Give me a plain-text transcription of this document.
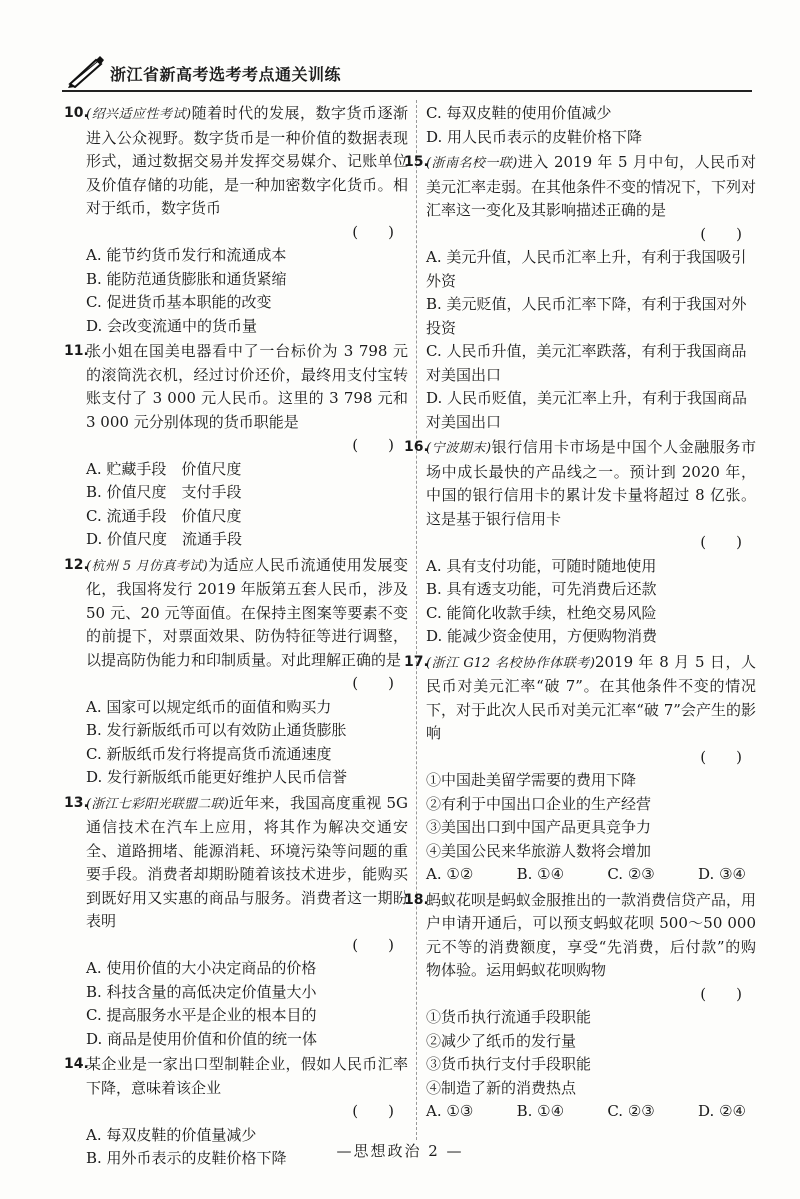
浙江省新高考选考考点通关训练
10.
(绍兴适应性考试)随着时代的发展，数字货币逐渐进入公众视野。数字货币是一种价值的数据表现形式，通过数据交易并发挥交易媒介、记账单位及价值存储的功能，是一种加密数字化货币。相对于纸币，数字货币
(　　)
A. 能节约货币发行和流通成本
B. 能防范通货膨胀和通货紧缩
C. 促进货币基本职能的改变
D. 会改变流通中的货币量
11.
张小姐在国美电器看中了一台标价为 3 798 元的滚筒洗衣机，经过讨价还价，最终用支付宝转账支付了 3 000 元人民币。这里的 3 798 元和 3 000 元分别体现的货币职能是
(　　)
A. 贮藏手段　价值尺度
B. 价值尺度　支付手段
C. 流通手段　价值尺度
D. 价值尺度　流通手段
12.
(杭州 5 月仿真考试)为适应人民币流通使用发展变化，我国将发行 2019 年版第五套人民币，涉及 50 元、20 元等面值。在保持主图案等要素不变的前提下，对票面效果、防伪特征等进行调整，以提高防伪能力和印制质量。对此理解正确的是
(　　)
A. 国家可以规定纸币的面值和购买力
B. 发行新版纸币可以有效防止通货膨胀
C. 新版纸币发行将提高货币流通速度
D. 发行新版纸币能更好维护人民币信誉
13.
(浙江七彩阳光联盟二联)近年来，我国高度重视 5G 通信技术在汽车上应用，将其作为解决交通安全、道路拥堵、能源消耗、环境污染等问题的重要手段。消费者却期盼随着该技术进步，能购买到既好用又实惠的商品与服务。消费者这一期盼表明
(　　)
A. 使用价值的大小决定商品的价格
B. 科技含量的高低决定价值量大小
C. 提高服务水平是企业的根本目的
D. 商品是使用价值和价值的统一体
14.
某企业是一家出口型制鞋企业，假如人民币汇率下降，意味着该企业
(　　)
A. 每双皮鞋的价值量减少
B. 用外币表示的皮鞋价格下降
C. 每双皮鞋的使用价值减少
D. 用人民币表示的皮鞋价格下降
15.
(浙南名校一联)进入 2019 年 5 月中旬，人民币对美元汇率走弱。在其他条件不变的情况下，下列对汇率这一变化及其影响描述正确的是
(　　)
A. 美元升值，人民币汇率上升，有利于我国吸引外资
B. 美元贬值，人民币汇率下降，有利于我国对外投资
C. 人民币升值，美元汇率跌落，有利于我国商品对美国出口
D. 人民币贬值，美元汇率上升，有利于我国商品对美国出口
16.
(宁波期末)银行信用卡市场是中国个人金融服务市场中成长最快的产品线之一。预计到 2020 年，中国的银行信用卡的累计发卡量将超过 8 亿张。这是基于银行信用卡
(　　)
A. 具有支付功能，可随时随地使用
B. 具有透支功能，可先消费后还款
C. 能简化收款手续，杜绝交易风险
D. 能减少资金使用，方便购物消费
17.
(浙江 G12 名校协作体联考)2019 年 8 月 5 日，人民币对美元汇率“破 7”。在其他条件不变的情况下，对于此次人民币对美元汇率“破 7”会产生的影响
(　　)
①中国赴美留学需要的费用下降
②有利于中国出口企业的生产经营
③美国出口到中国产品更具竞争力
④美国公民来华旅游人数将会增加
A. ①②	B. ①④	C. ②③	D. ③④
18.
蚂蚁花呗是蚂蚁金服推出的一款消费信贷产品，用户申请开通后，可以预支蚂蚁花呗 500～50 000 元不等的消费额度，享受“先消费，后付款”的购物体验。运用蚂蚁花呗购物
(　　)
①货币执行流通手段职能
②减少了纸币的发行量
③货币执行支付手段职能
④制造了新的消费热点
A. ①③	B. ①④	C. ②③	D. ②④
—思想政治 2 —
